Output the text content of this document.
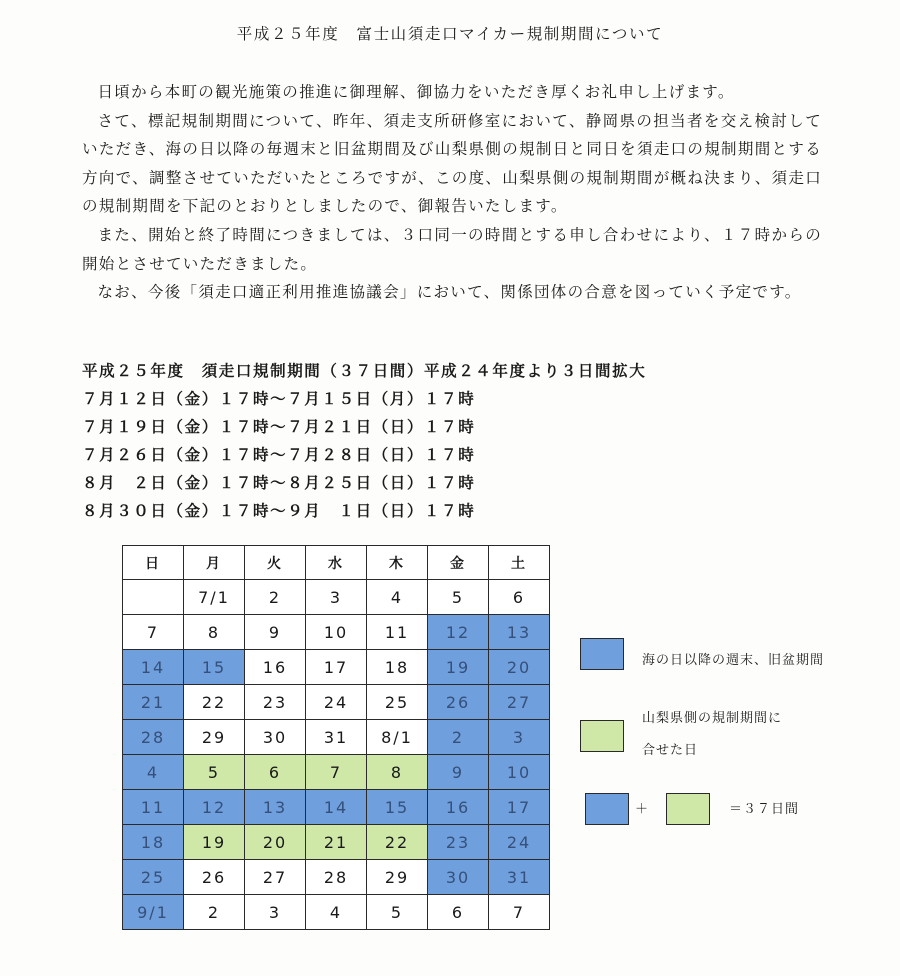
平成２５年度　富士山須走口マイカー規制期間について

日頃から本町の観光施策の推進に御理解、御協力をいただき厚くお礼申し上げます。

さて、標記規制期間について、昨年、須走支所研修室において、静岡県の担当者を交え検討していただき、海の日以降の毎週末と旧盆期間及び山梨県側の規制日と同日を須走口の規制期間とする方向で、調整させていただいたところですが、この度、山梨県側の規制期間が概ね決まり、須走口の規制期間を下記のとおりとしましたので、御報告いたします。

また、開始と終了時間につきましては、３口同一の時間とする申し合わせにより、１７時からの開始とさせていただきました。

なお、今後「須走口適正利用推進協議会」において、関係団体の合意を図っていく予定です。

平成２５年度　須走口規制期間（３７日間）平成２４年度より３日間拡大
７月１２日（金）１７時～７月１５日（月）１７時
７月１９日（金）１７時～７月２１日（日）１７時
７月２６日（金）１７時～７月２８日（日）１７時
８月　２日（金）１７時～８月２５日（日）１７時
８月３０日（金）１７時～９月　１日（日）１７時
日	月	火	水	木	金	土
	7/1	2	3	4	5	6
7	8	9	10	11	12	13
14	15	16	17	18	19	20
21	22	23	24	25	26	27
28	29	30	31	8/1	2	3
4	5	6	7	8	9	10
11	12	13	14	15	16	17
18	19	20	21	22	23	24
25	26	27	28	29	30	31
9/1	2	3	4	5	6	7
海の日以降の週末、旧盆期間
山梨県側の規制期間に
合せた日
＋	＝３７日間
